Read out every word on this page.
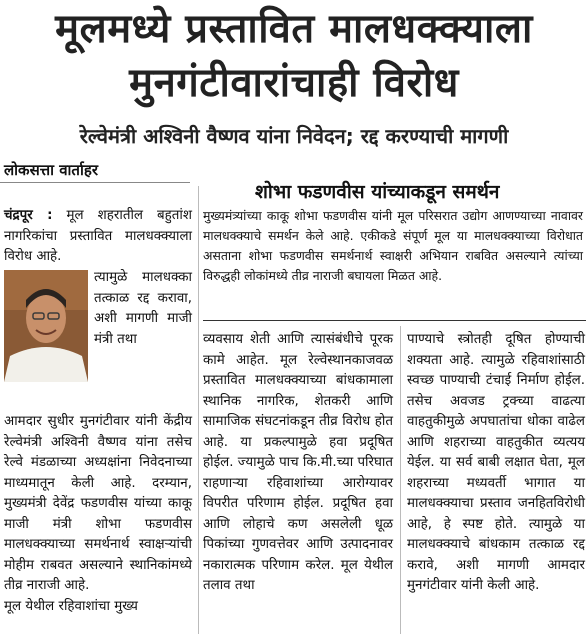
मूलमध्ये प्रस्तावित मालधक्क्याला
मुनगंटीवारांचाही विरोध
रेल्वेमंत्री अश्विनी वैष्णव यांना निवेदन; रद्द करण्याची मागणी
लोकसत्ता वार्ताहर
शोभा फडणवीस यांच्याकडून समर्थन
मुख्यमंत्र्यांच्या काकू शोभा फडणवीस यांनी मूल परिसरात उद्योग आणण्याच्या नावावर मालधक्क्याचे समर्थन केले आहे. एकीकडे संपूर्ण मूल या मालधक्क्याच्या विरोधात असताना शोभा फडणवीस समर्थनार्थ स्वाक्षरी अभियान राबवित असल्याने त्यांच्या विरुद्धही लोकांमध्ये तीव्र नाराजी बघायला मिळत आहे.
चंद्रपूर : मूल शहरातील बहुतांश नागरिकांचा प्रस्तावित मालधक्क्याला विरोध आहे.
त्यामुळे मालधक्का तत्काळ रद्द करावा, अशी मागणी माजी मंत्री तथा
आमदार सुधीर मुनगंटीवार यांनी केंद्रीय रेल्वेमंत्री अश्विनी वैष्णव यांना तसेच रेल्वे मंडळाच्या अध्यक्षांना निवेदनाच्या माध्यमातून केली आहे. दरम्यान, मुख्यमंत्री देवेंद्र फडणवीस यांच्या काकू माजी मंत्री शोभा फडणवीस मालधक्क्याच्या समर्थनार्थ स्वाक्षऱ्यांची मोहीम राबवत असल्याने स्थानिकांमध्ये तीव्र नाराजी आहे.
मूल येथील रहिवाशांचा मुख्य
व्यवसाय शेती आणि त्यासंबंधीचे पूरक कामे आहेत. मूल रेल्वेस्थानकाजवळ प्रस्तावित मालधक्क्याच्या बांधकामाला स्थानिक नागरिक, शेतकरी आणि सामाजिक संघटनांकडून तीव्र विरोध होत आहे. या प्रकल्पामुळे हवा प्रदूषित होईल. ज्यामुळे पाच कि.मी.च्या परिघात राहणाऱ्या रहिवाशांच्या आरोग्यावर विपरीत परिणाम होईल. प्रदूषित हवा आणि लोहाचे कण असलेली धूळ पिकांच्या गुणवत्तेवर आणि उत्पादनावर नकारात्मक परिणाम करेल. मूल येथील तलाव तथा
पाण्याचे स्त्रोतही दूषित होण्याची शक्यता आहे. त्यामुळे रहिवाशांसाठी स्वच्छ पाण्याची टंचाई निर्माण होईल. तसेच अवजड ट्रक्च्या वाढत्या वाहतुकीमुळे अपघातांचा धोका वाढेल आणि शहराच्या वाहतुकीत व्यत्यय येईल. या सर्व बाबी लक्षात घेता, मूल शहराच्या मध्यवर्ती भागात या मालधक्क्याचा प्रस्ताव जनहितविरोधी आहे, हे स्पष्ट होते. त्यामुळे या मालधक्क्याचे बांधकाम तत्काळ रद्द करावे, अशी मागणी आमदार मुनगंटीवार यांनी केली आहे.
